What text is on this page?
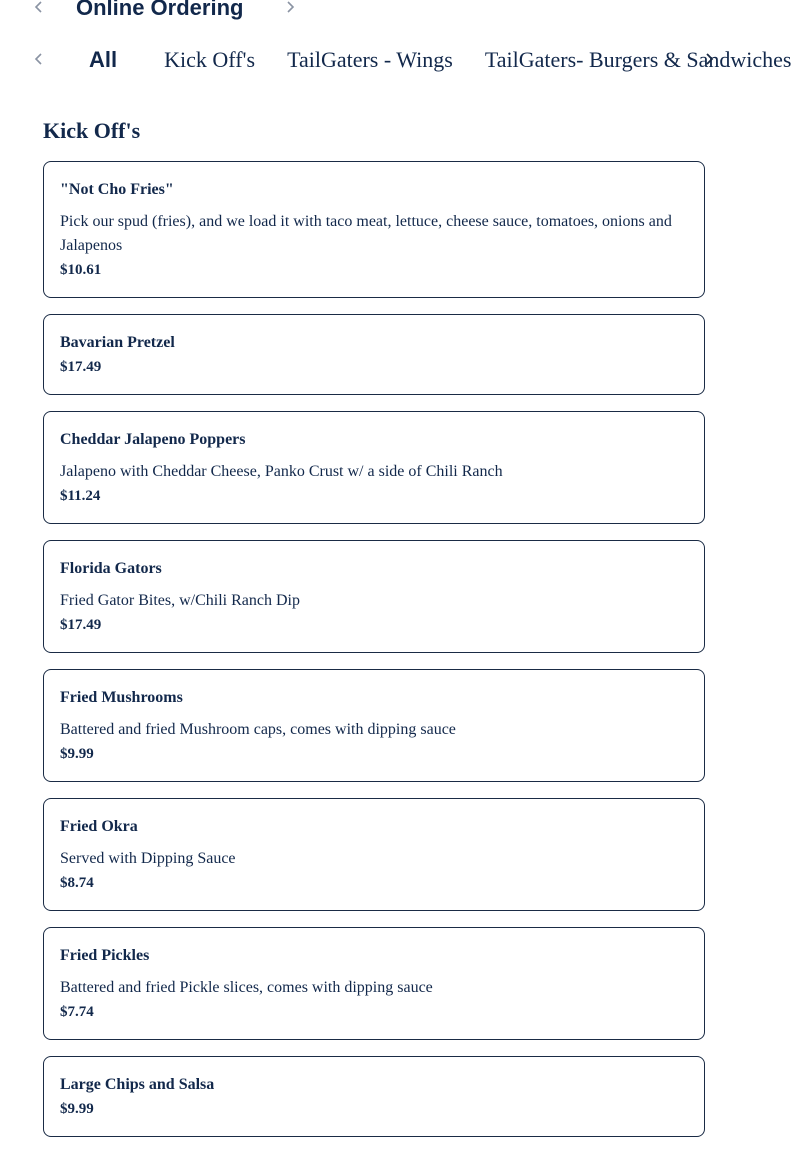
Online Ordering
All	Kick Off's	TailGaters - Wings	TailGaters- Burgers & Sandwiches
Kick Off's

"Not Cho Fries"

Pick our spud (fries), and we load it with taco meat, lettuce, cheese sauce, tomatoes, onions and Jalapenos

$10.61

Bavarian Pretzel

$17.49

Cheddar Jalapeno Poppers

Jalapeno with Cheddar Cheese, Panko Crust w/ a side of Chili Ranch

$11.24

Florida Gators

Fried Gator Bites, w/Chili Ranch Dip

$17.49

Fried Mushrooms

Battered and fried Mushroom caps, comes with dipping sauce

$9.99

Fried Okra

Served with Dipping Sauce

$8.74

Fried Pickles

Battered and fried Pickle slices, comes with dipping sauce

$7.74

Large Chips and Salsa

$9.99
